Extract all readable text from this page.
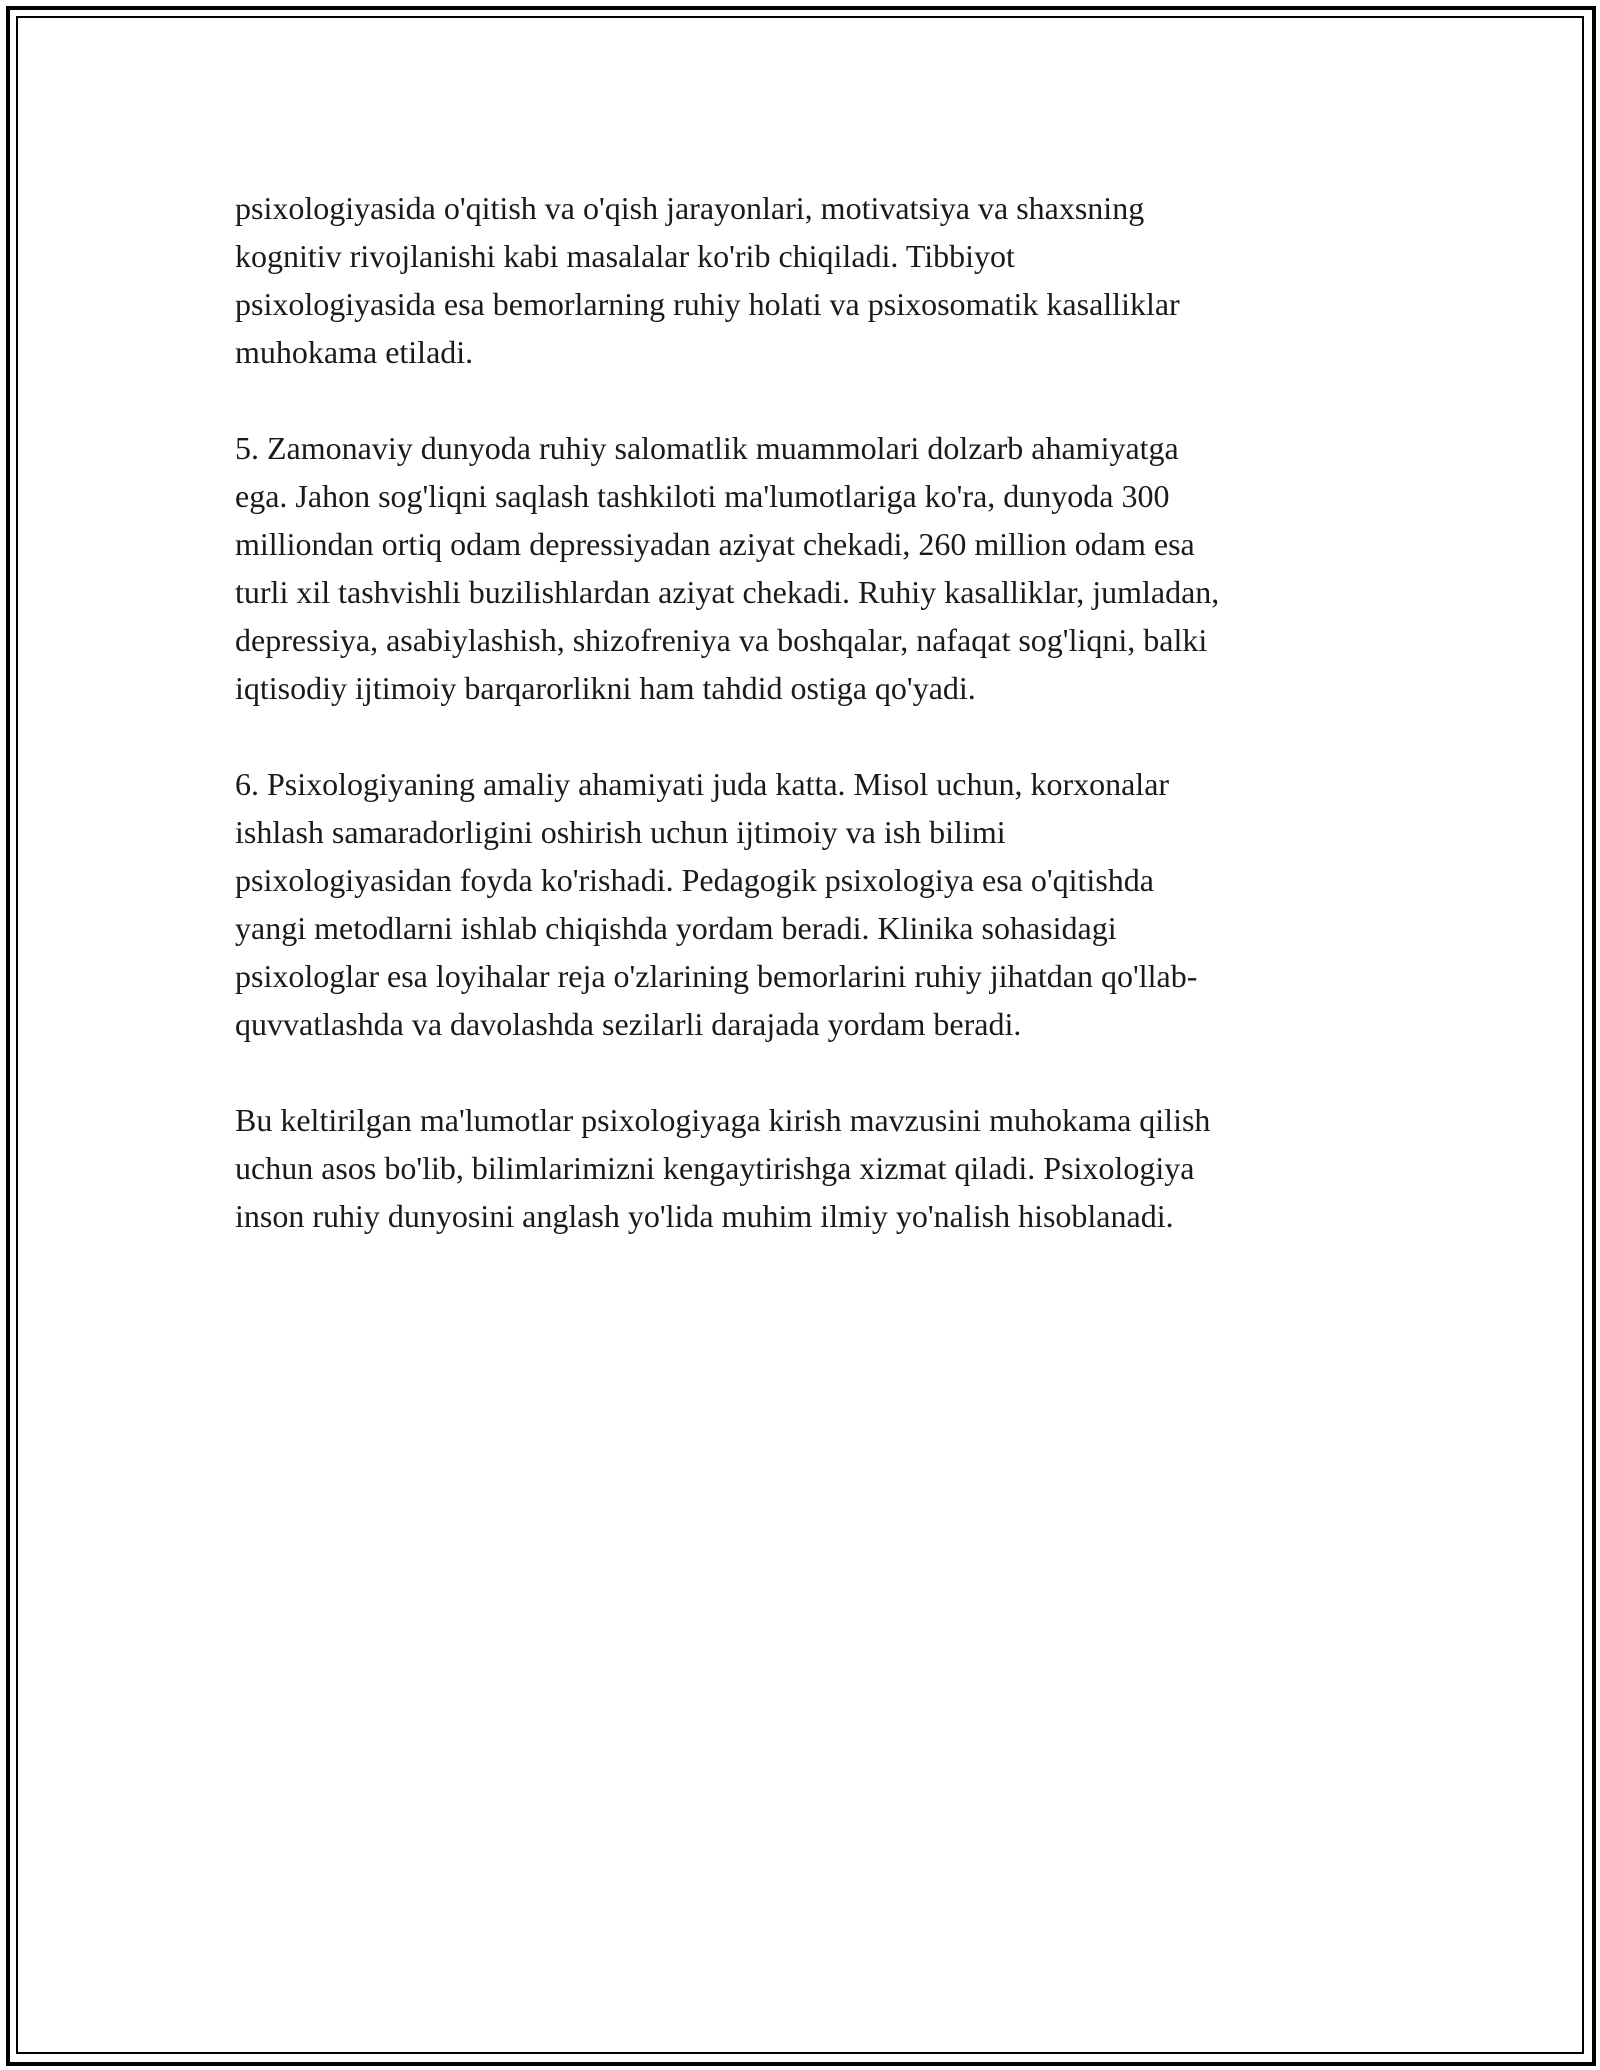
psixologiyasida o'qitish va o'qish jarayonlari, motivatsiya va shaxsning
kognitiv rivojlanishi kabi masalalar ko'rib chiqiladi. Tibbiyot
psixologiyasida esa bemorlarning ruhiy holati va psixosomatik kasalliklar
muhokama etiladi.

5. Zamonaviy dunyoda ruhiy salomatlik muammolari dolzarb ahamiyatga
ega. Jahon sog'liqni saqlash tashkiloti ma'lumotlariga ko'ra, dunyoda 300
milliondan ortiq odam depressiyadan aziyat chekadi, 260 million odam esa
turli xil tashvishli buzilishlardan aziyat chekadi. Ruhiy kasalliklar, jumladan,
depressiya, asabiylashish, shizofreniya va boshqalar, nafaqat sog'liqni, balki
iqtisodiy ijtimoiy barqarorlikni ham tahdid ostiga qo'yadi.

6. Psixologiyaning amaliy ahamiyati juda katta. Misol uchun, korxonalar
ishlash samaradorligini oshirish uchun ijtimoiy va ish bilimi
psixologiyasidan foyda ko'rishadi. Pedagogik psixologiya esa o'qitishda
yangi metodlarni ishlab chiqishda yordam beradi. Klinika sohasidagi
psixologlar esa loyihalar reja o'zlarining bemorlarini ruhiy jihatdan qo'llab-
quvvatlashda va davolashda sezilarli darajada yordam beradi.

Bu keltirilgan ma'lumotlar psixologiyaga kirish mavzusini muhokama qilish
uchun asos bo'lib, bilimlarimizni kengaytirishga xizmat qiladi. Psixologiya
inson ruhiy dunyosini anglash yo'lida muhim ilmiy yo'nalish hisoblanadi.
